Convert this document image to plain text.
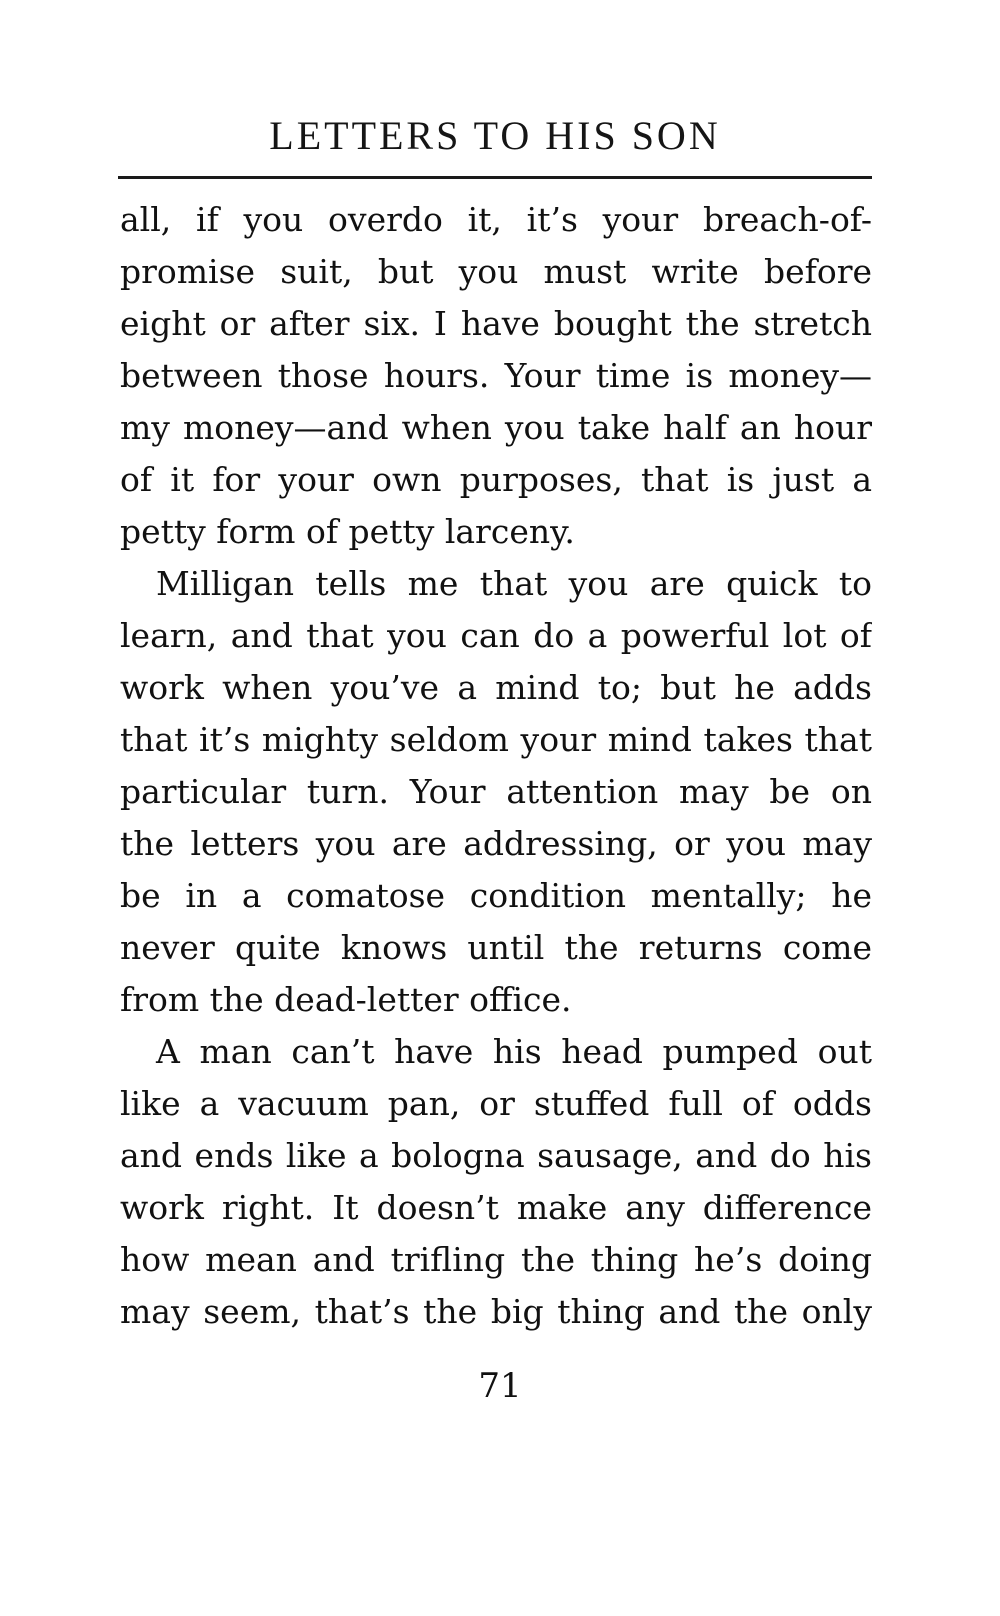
LETTERS TO HIS SON
all, if you overdo it, it’s your breach-of-
promise suit, but you must write before
eight or after six. I have bought the stretch
between those hours. Your time is money—
my money—and when you take half an hour
of it for your own purposes, that is just a
petty form of petty larceny.
Milligan tells me that you are quick to
learn, and that you can do a powerful lot of
work when you’ve a mind to; but he adds
that it’s mighty seldom your mind takes that
particular turn. Your attention may be on
the letters you are addressing, or you may
be in a comatose condition mentally; he
never quite knows until the returns come
from the dead-letter office.
A man can’t have his head pumped out
like a vacuum pan, or stuffed full of odds
and ends like a bologna sausage, and do his
work right. It doesn’t make any difference
how mean and trifling the thing he’s doing
may seem, that’s the big thing and the only
71
